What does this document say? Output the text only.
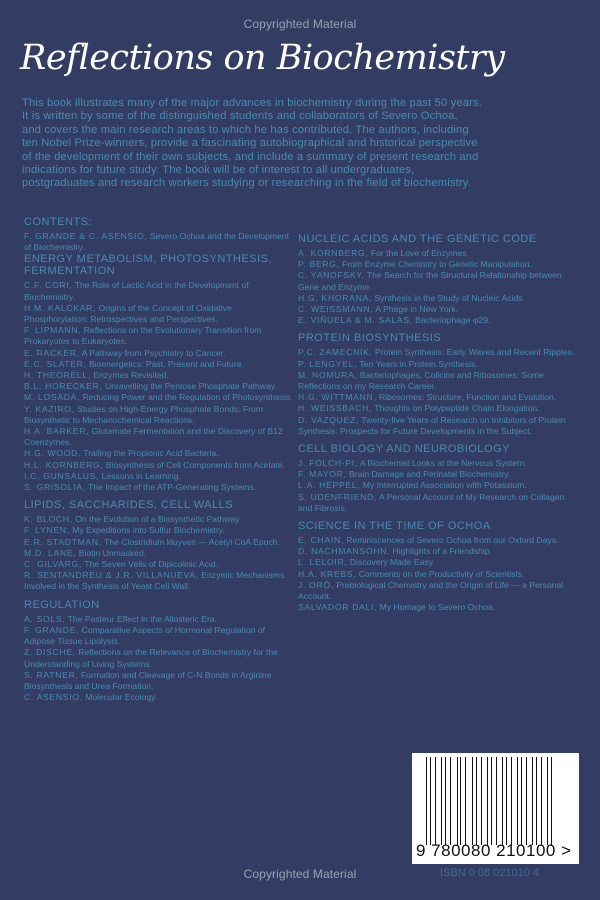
Copyrighted Material
Reflections on Biochemistry
This book illustrates many of the major advances in biochemistry during the past 50 years.
It is written by some of the distinguished students and collaborators of Severo Ochoa,
and covers the main research areas to which he has contributed. The authors, including
ten Nobel Prize-winners, provide a fascinating autobiographical and historical perspective
of the development of their own subjects, and include a summary of present research and
indications for future study. The book will be of interest to all undergraduates,
postgraduates and research workers studying or researching in the field of biochemistry.
CONTENTS:

F. GRANDE & C. ASENSIO, Severo Ochoa and the Development of Biochemistry.

ENERGY METABOLISM, PHOTOSYNTHESIS, FERMENTATION

C.F. CORI, The Role of Lactic Acid in the Development of Biochemistry.

H.M. KALCKAR, Origins of the Concept of Oxidative Phosphorylation: Retrospectives and Perspectives.

F. LIPMANN, Reflections on the Evolutionary Transition from Prokaryotes to Eukaryotes.

E. RACKER, A Pathway from Psychiatry to Cancer.

E.C. SLATER, Bioenergetics: Past, Present and Future.

H. THEORELL, Enzymes Revisited.

B.L. HORECKER, Unravelling the Pentose Phosphate Pathway.

M. LOSADA, Reducing Power and the Regulation of Photosynthesis.

Y. KAZIRO, Studies on High-Energy Phosphate Bonds: From Biosynthetic to Mechanochemical Reactions.

H.A. BARKER, Glutamate Fermentation and the Discovery of B12 Coenzymes.

H.G. WOOD, Trailing the Propionic Acid Bacteria.

H.L. KORNBERG, Biosynthesis of Cell Components from Acetate.

I.C. GUNSALUS, Lessons in Learning.

S. GRISOLIA, The Impact of the ATP-Generating Systems.

LIPIDS, SACCHARIDES, CELL WALLS

K. BLOCH, On the Evolution of a Biosynthetic Pathway.

F. LYNEN, My Expeditions into Sulfur Biochemistry.

E.R. STADTMAN, The Clostridium kluyveri — Acetyl CoA Epoch.

M.D. LANE, Biotin Unmasked.

C. GILVARG, The Seven Veils of Dipicolinic Acid.

R. SENTANDREU & J.R. VILLANUEVA, Enzymic Mechanisms Involved in the Synthesis of Yeast Cell Wall.

REGULATION

A. SOLS, The Pasteur Effect in the Allosteric Era.

F. GRANDE, Comparative Aspects of Hormonal Regulation of Adipose Tissue Lipolysis.

Z. DISCHE, Reflections on the Relevance of Biochemistry for the Understanding of Living Systems.

S. RATNER, Formation and Cleavage of C-N Bonds in Arginine Biosynthesis and Urea Formation.

C. ASENSIO, Molecular Ecology.

NUCLEIC ACIDS AND THE GENETIC CODE

A. KORNBERG, For the Love of Enzymes.

P. BERG, From Enzyme Chemistry to Genetic Manipulation.

C. YANOFSKY, The Search for the Structural Relationship between Gene and Enzyme.

H.G. KHORANA, Synthesis in the Study of Nucleic Acids.

C. WEISSMANN, A Phage in New York.

E. VIÑUELA & M. SALAS, Bacteriophage φ29.

PROTEIN BIOSYNTHESIS

P.C. ZAMECNIK, Protein Synthesis: Early Waves and Recent Ripples.

P. LENGYEL, Ten Years in Protein Synthesis.

M. NOMURA, Bacteriophages, Colicins and Ribosomes: Some Reflections on my Research Career.

H.G. WITTMANN, Ribosomes: Structure, Function and Evolution.

H. WEISSBACH, Thoughts on Polypeptide Chain Elongation.

D. VAZQUEZ, Twenty-five Years of Research on Inhibitors of Protein Synthesis: Prospects for Future Developments in the Subject.

CELL BIOLOGY AND NEUROBIOLOGY

J. FOLCH-PI, A Biochemist Looks at the Nervous System.

F. MAYOR, Brain Damage and Perinatal Biochemistry.

L.A. HEPPEL, My Interrupted Association with Potassium.

S. UDENFRIEND, A Personal Account of My Research on Collagen and Fibrosis.

SCIENCE IN THE TIME OF OCHOA

E. CHAIN, Reminiscences of Severo Ochoa from our Oxford Days.

D. NACHMANSOHN, Highlights of a Friendship.

L. LELOIR, Discovery Made Easy.

H.A. KREBS, Comments on the Productivity of Scientists.

J. ORÓ, Prebiological Chemistry and the Origin of Life — a Personal Account.

SALVADOR DALI, My Homage to Severo Ochoa.

9 780080 210100 >
ISBN 0 08 021010 4
Copyrighted Material
